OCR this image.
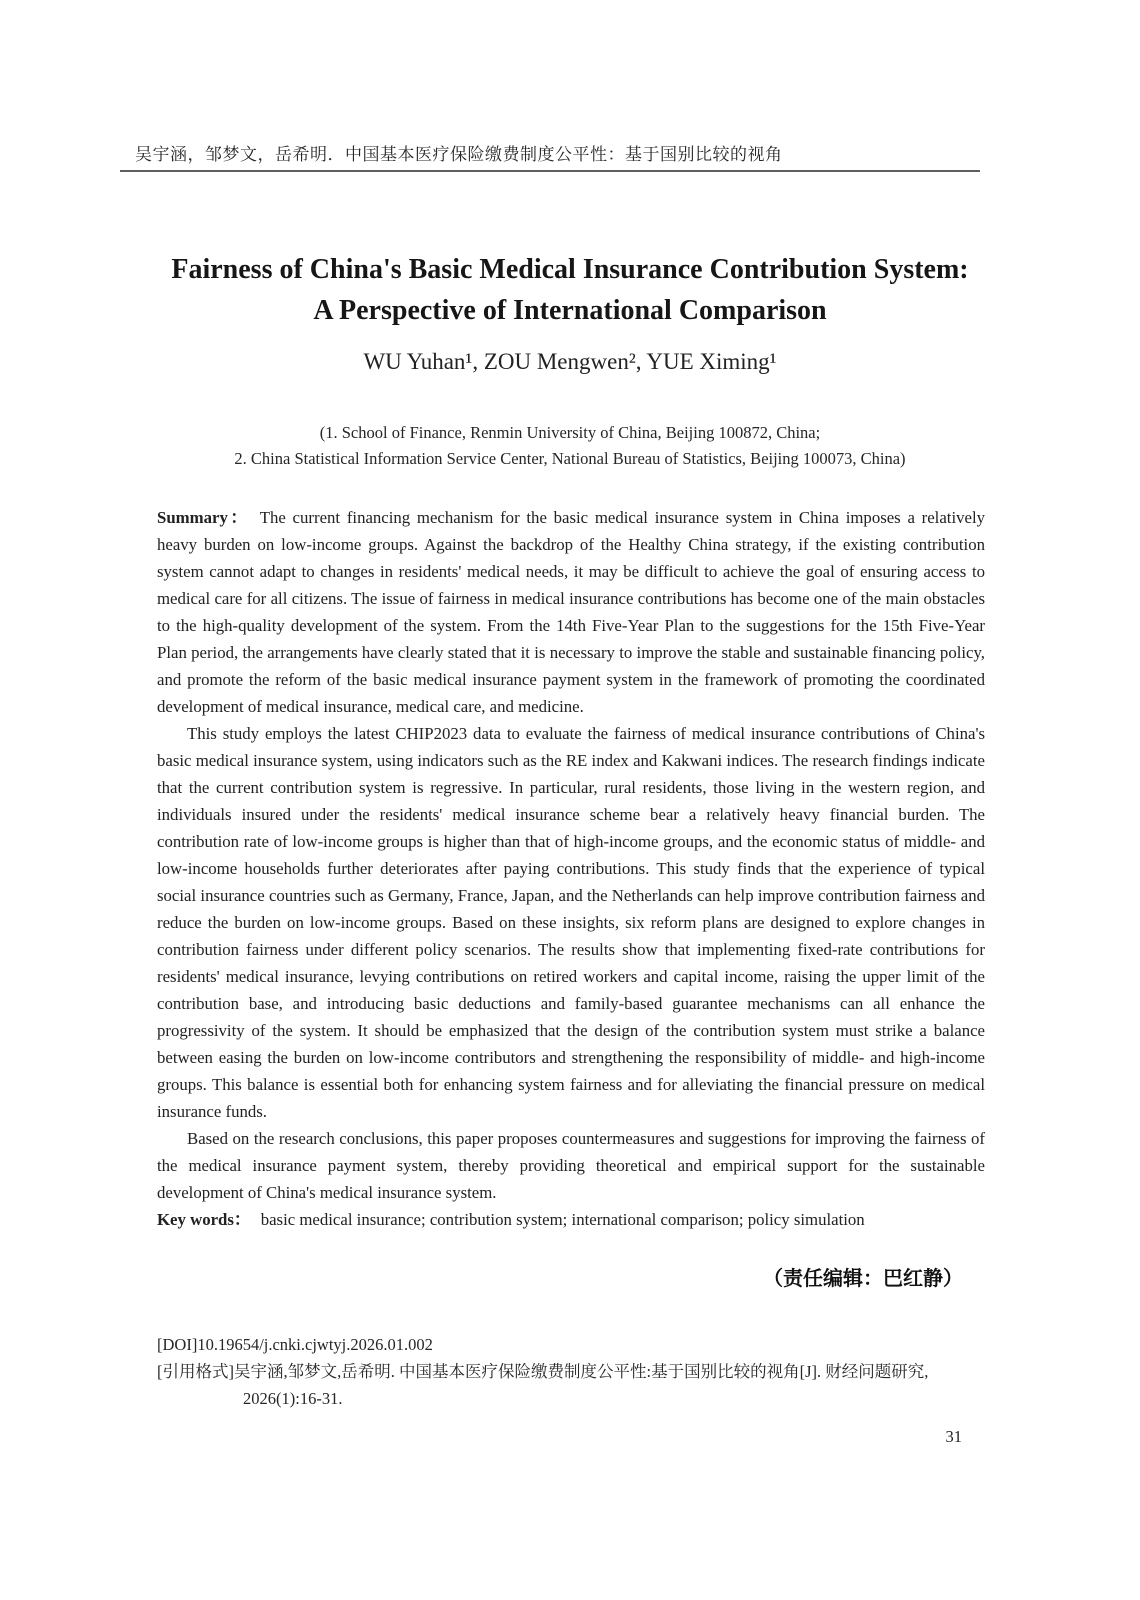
吴宇涵，邹梦文，岳希明．中国基本医疗保险缴费制度公平性：基于国别比较的视角
Fairness of China's Basic Medical Insurance Contribution System:
A Perspective of International Comparison
WU Yuhan¹, ZOU Mengwen², YUE Ximing¹
(1. School of Finance, Renmin University of China, Beijing 100872, China;
2. China Statistical Information Service Center, National Bureau of Statistics, Beijing 100073, China)

Summary： The current financing mechanism for the basic medical insurance system in China imposes a relatively heavy burden on low-income groups. Against the backdrop of the Healthy China strategy, if the existing contribution system cannot adapt to changes in residents' medical needs, it may be difficult to achieve the goal of ensuring access to medical care for all citizens. The issue of fairness in medical insurance contributions has become one of the main obstacles to the high-quality development of the system. From the 14th Five-Year Plan to the suggestions for the 15th Five-Year Plan period, the arrangements have clearly stated that it is necessary to improve the stable and sustainable financing policy, and promote the reform of the basic medical insurance payment system in the framework of promoting the coordinated development of medical insurance, medical care, and medicine.

This study employs the latest CHIP2023 data to evaluate the fairness of medical insurance contributions of China's basic medical insurance system, using indicators such as the RE index and Kakwani indices. The research findings indicate that the current contribution system is regressive. In particular, rural residents, those living in the western region, and individuals insured under the residents' medical insurance scheme bear a relatively heavy financial burden. The contribution rate of low-income groups is higher than that of high-income groups, and the economic status of middle- and low-income households further deteriorates after paying contributions. This study finds that the experience of typical social insurance countries such as Germany, France, Japan, and the Netherlands can help improve contribution fairness and reduce the burden on low-income groups. Based on these insights, six reform plans are designed to explore changes in contribution fairness under different policy scenarios. The results show that implementing fixed-rate contributions for residents' medical insurance, levying contributions on retired workers and capital income, raising the upper limit of the contribution base, and introducing basic deductions and family-based guarantee mechanisms can all enhance the progressivity of the system. It should be emphasized that the design of the contribution system must strike a balance between easing the burden on low-income contributors and strengthening the responsibility of middle- and high-income groups. This balance is essential both for enhancing system fairness and for alleviating the financial pressure on medical insurance funds.

Based on the research conclusions, this paper proposes countermeasures and suggestions for improving the fairness of the medical insurance payment system, thereby providing theoretical and empirical support for the sustainable development of China's medical insurance system.

Key words： basic medical insurance; contribution system; international comparison; policy simulation

（责任编辑：巴红静）

[DOI]10.19654/j.cnki.cjwtyj.2026.01.002

[引用格式]吴宇涵,邹梦文,岳希明. 中国基本医疗保险缴费制度公平性:基于国别比较的视角[J]. 财经问题研究,

2026(1):16-31.

31
